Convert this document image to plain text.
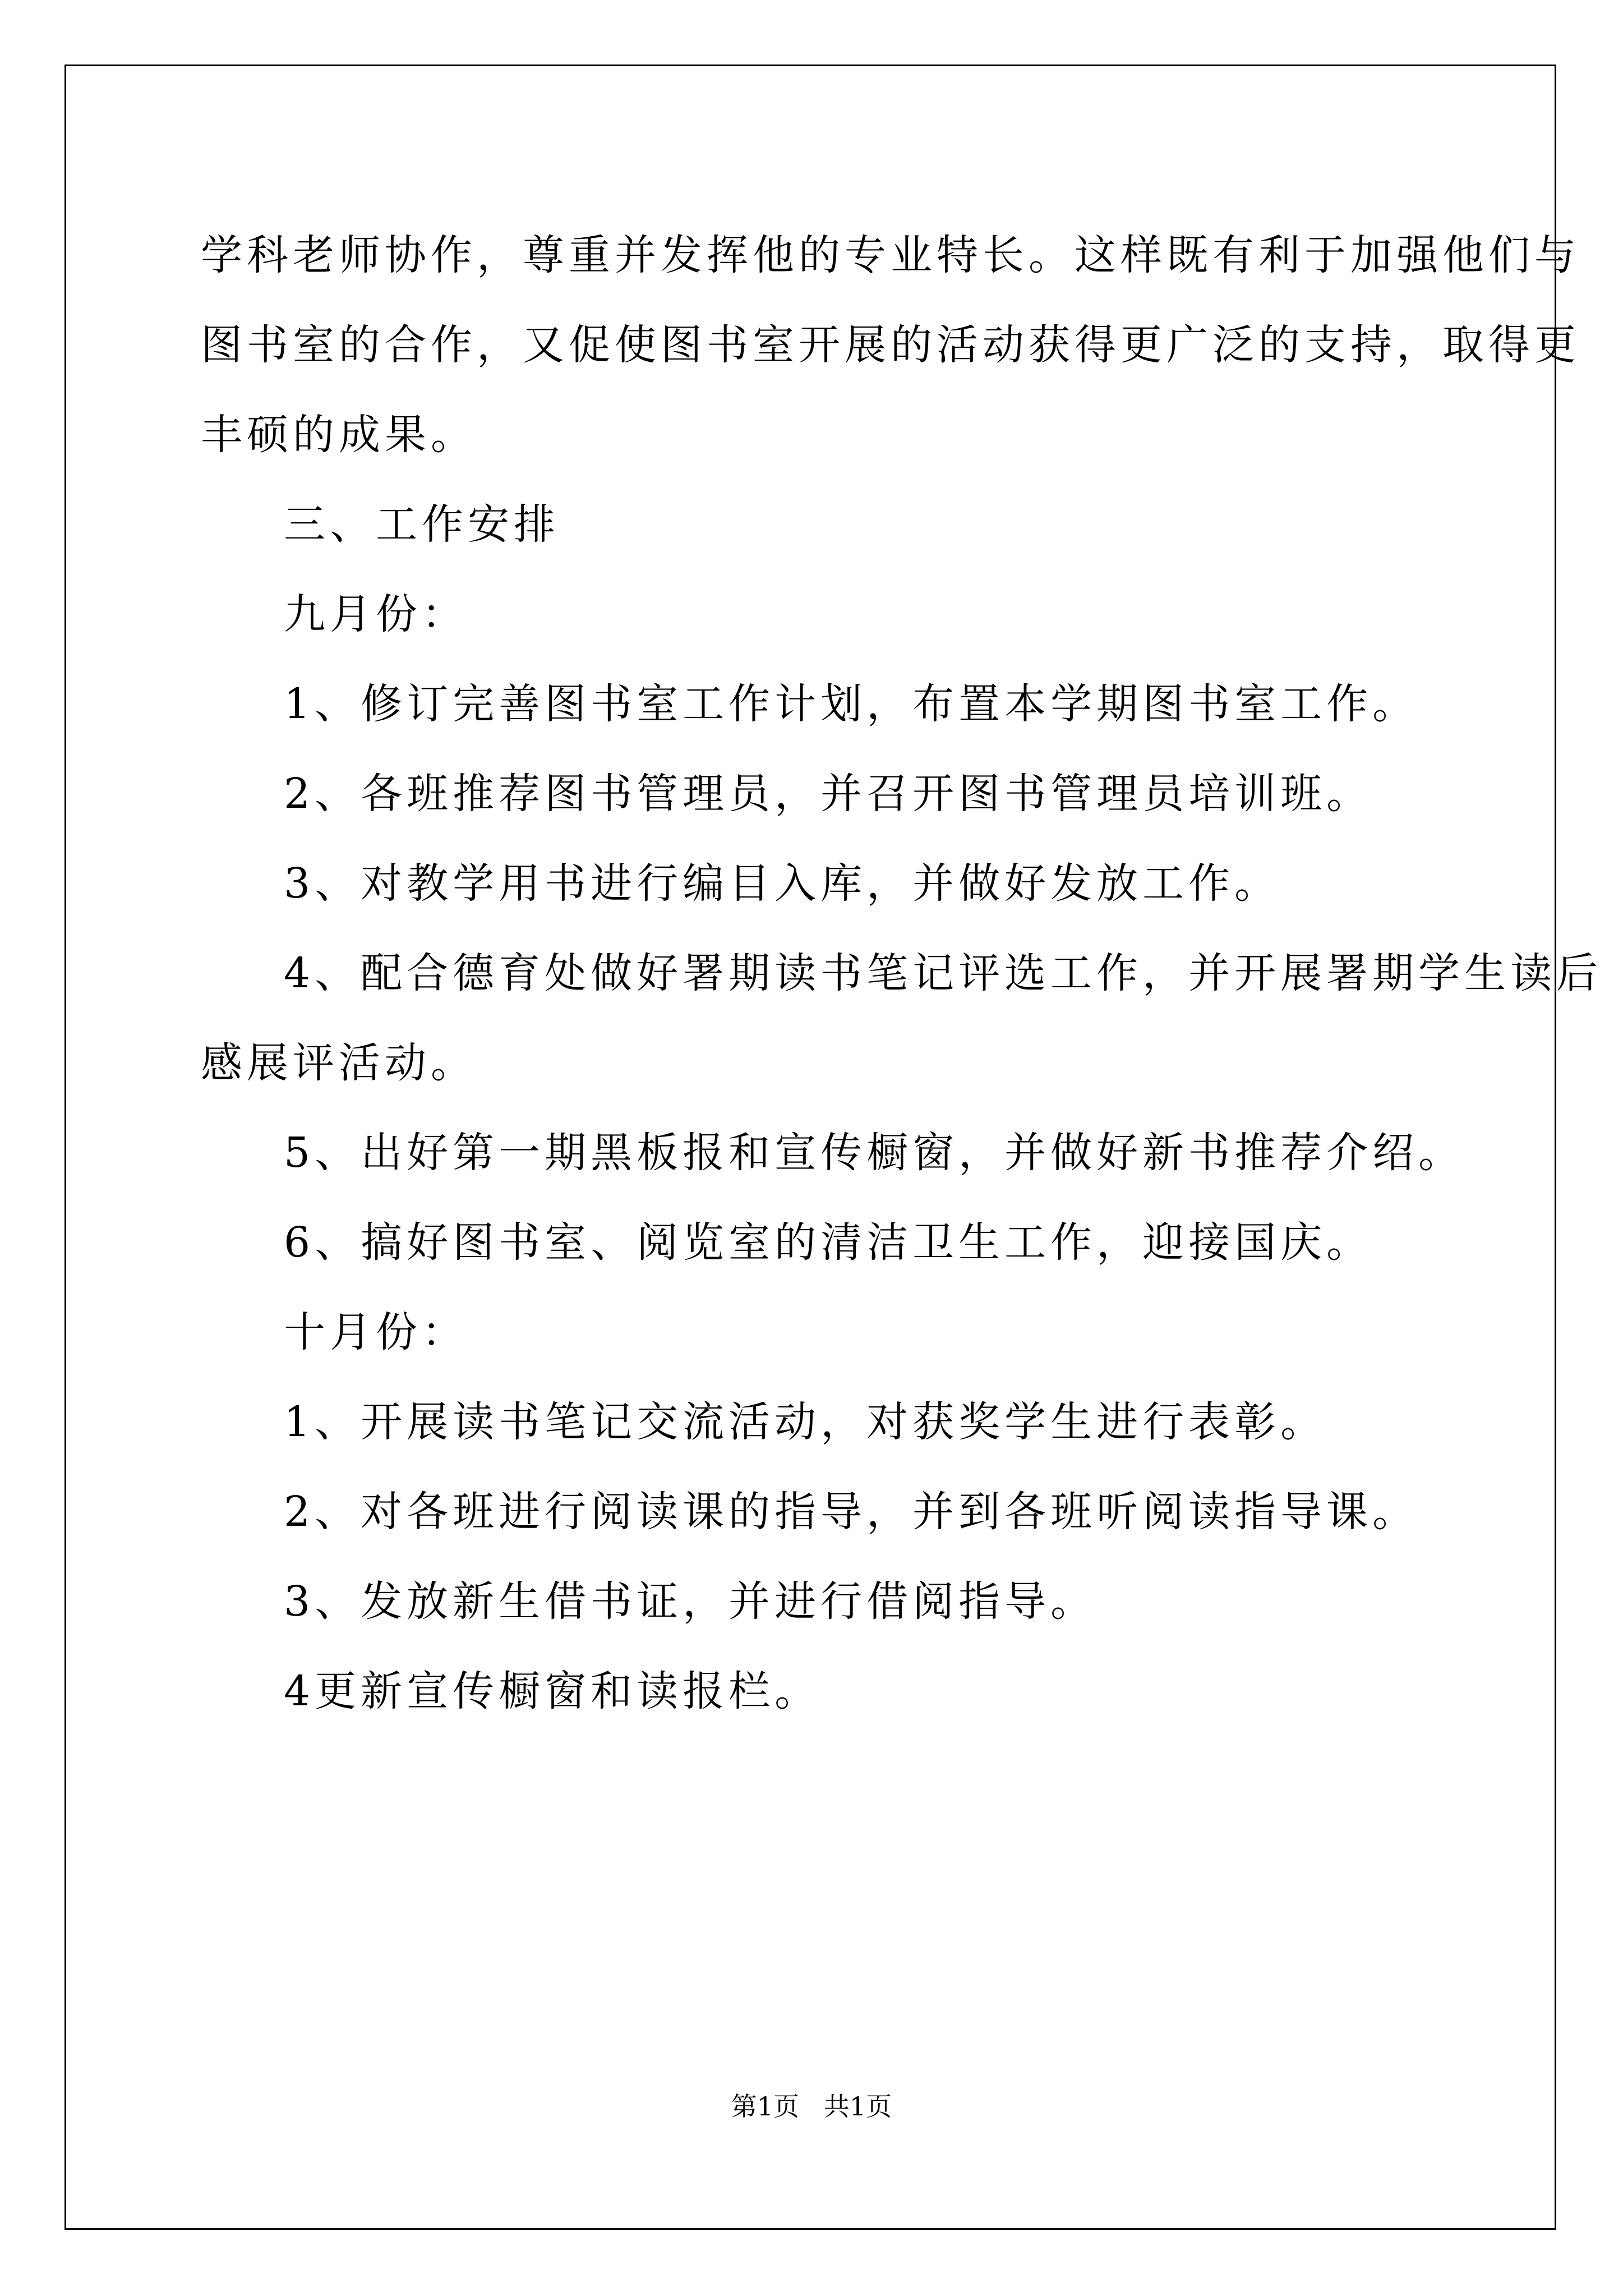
学科老师协作，尊重并发挥他的专业特长。这样既有利于加强他们与
图书室的合作，又促使图书室开展的活动获得更广泛的支持，取得更
丰硕的成果。
三、工作安排
九月份：
1、修订完善图书室工作计划，布置本学期图书室工作。
2、各班推荐图书管理员，并召开图书管理员培训班。
3、对教学用书进行编目入库，并做好发放工作。
4、配合德育处做好署期读书笔记评选工作，并开展署期学生读后
感展评活动。
5、出好第一期黑板报和宣传橱窗，并做好新书推荐介绍。
6、搞好图书室、阅览室的清洁卫生工作，迎接国庆。
十月份：
1、开展读书笔记交流活动，对获奖学生进行表彰。
2、对各班进行阅读课的指导，并到各班听阅读指导课。
3、发放新生借书证，并进行借阅指导。
4更新宣传橱窗和读报栏。
第1页   共1页
